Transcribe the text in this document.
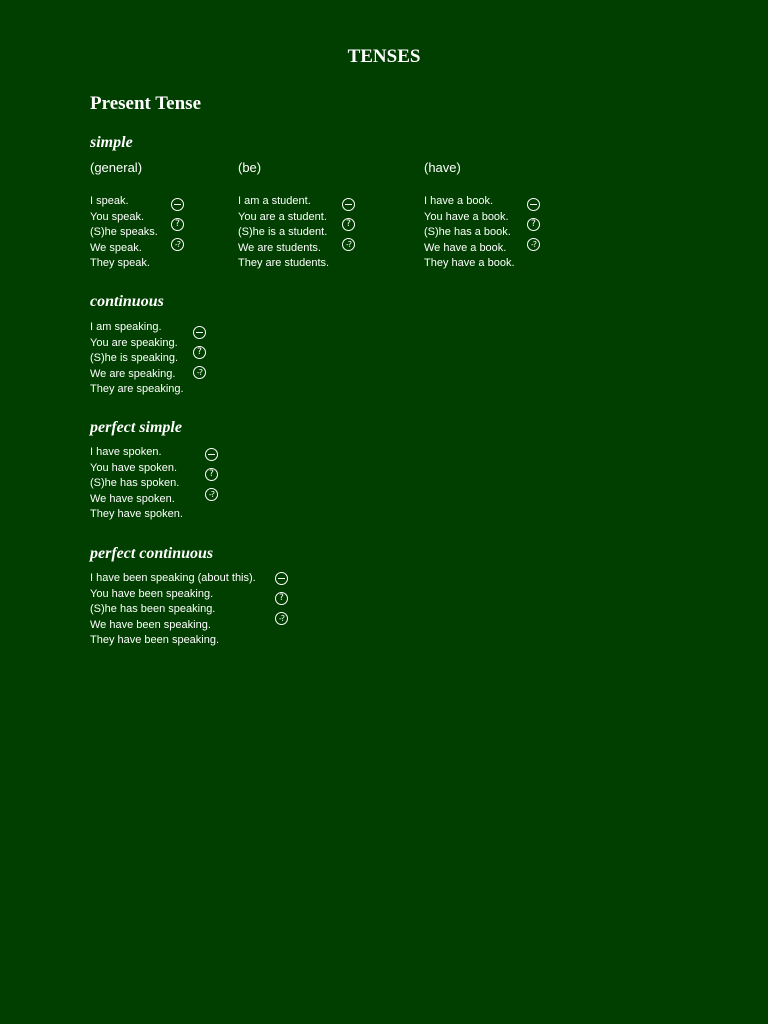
TENSES
Present Tense
simple

(general)

I speak.
You speak.
(S)he speaks.
We speak.
They speak.
?
-?

(be)

I am a student.
You are a student.
(S)he is a student.
We are students.
They are students.
?
-?

(have)

I have a book.
You have a book.
(S)he has a book.
We have a book.
They have a book.
?
-?
continuous
I am speaking.
You are speaking.
(S)he is speaking.
We are speaking.
They are speaking.
?
-?
perfect simple
I have spoken.
You have spoken.
(S)he has spoken.
We have spoken.
They have spoken.
?
-?
perfect continuous
I have been speaking (about this).
You have been speaking.
(S)he has been speaking.
We have been speaking.
They have been speaking.
?
-?
